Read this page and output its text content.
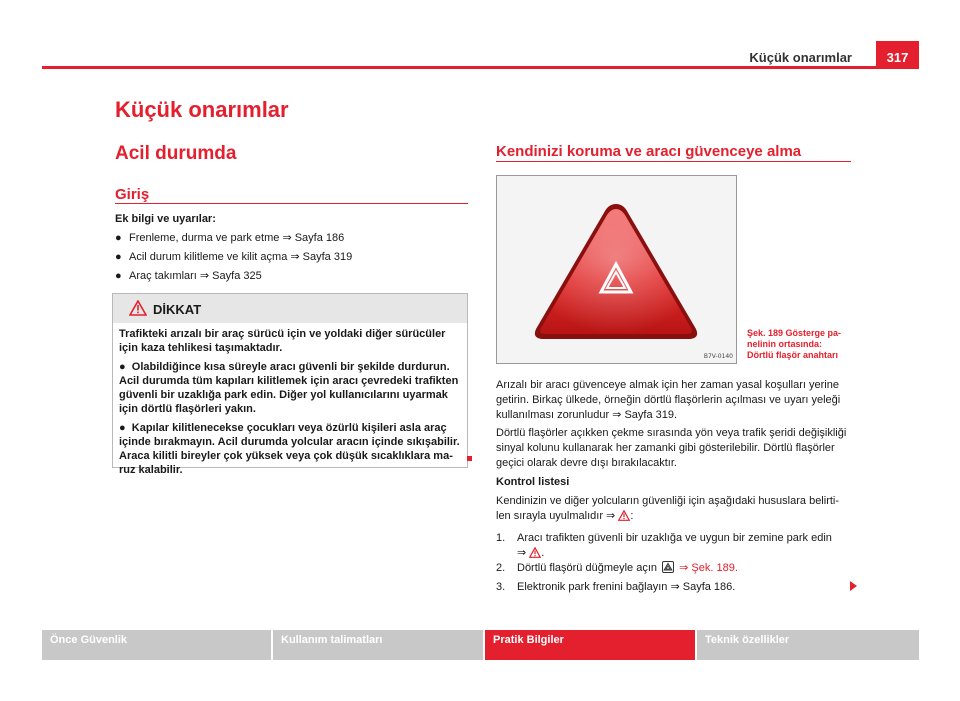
Küçük onarımlar	317
Küçük onarımlar
Acil durumda
Giriş
Ek bilgi ve uyarılar:
● Frenleme, durma ve park etme ⇒ Sayfa 186
● Acil durum kilitleme ve kilit açma ⇒ Sayfa 319
● Araç takımları ⇒ Sayfa 325
DİKKAT

Trafikteki arızalı bir araç sürücü için ve yoldaki diğer sürücüler için kaza tehlikesi taşımaktadır.

●  Olabildiğince kısa süreyle aracı güvenli bir şekilde durdurun. Acil durumda tüm kapıları kilitlemek için aracı çevredeki trafikten güvenli bir uzaklığa park edin. Diğer yol kullanıcılarını uyarmak için dörtlü flaşörleri yakın.

●  Kapılar kilitlenecekse çocukları veya özürlü kişileri asla araç içinde bırakmayın. Acil durumda yolcular aracın içinde sıkışabilir. Araca kilitli bireyler çok yüksek veya çok düşük sıcaklıklara ma-ruz kalabilir.

Kendinizi koruma ve aracı güvenceye alma
B7V-0140
Şek. 189 Gösterge pa-
nelinin ortasında:
Dörtlü flaşör anahtarı
Arızalı bir aracı güvenceye almak için her zaman yasal koşulları yerine getirin. Birkaç ülkede, örneğin dörtlü flaşörlerin açılması ve uyarı yeleği kullanılması zorunludur ⇒ Sayfa 319.
Dörtlü flaşörler açıkken çekme sırasında yön veya trafik şeridi değişikliği sinyal kolunu kullanarak her zamanki gibi gösterilebilir. Dörtlü flaşörler geçici olarak devre dışı bırakılacaktır.
Kontrol listesi
Kendinizin ve diğer yolcuların güvenliği için aşağıdaki hususlara belirti-len sırayla uyulmalıdır ⇒ :
1. Aracı trafikten güvenli bir uzaklığa ve uygun bir zemine park edin
⇒ .
2. Dörtlü flaşörü düğmeyle açın ⇒ Şek. 189.
3. Elektronik park frenini bağlayın ⇒ Sayfa 186.
Önce Güvenlik	Kullanım talimatları	Pratik Bilgiler	Teknik özellikler
